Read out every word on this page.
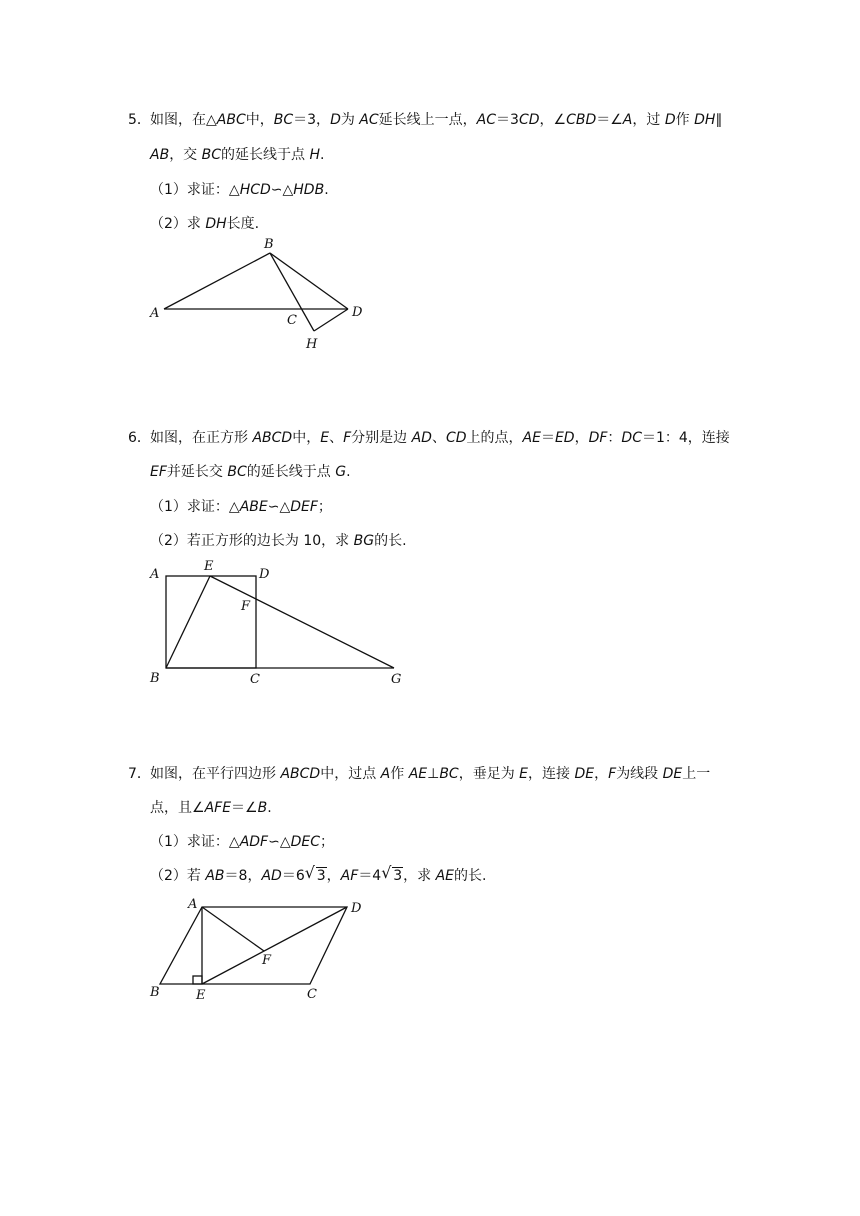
5． 如图，在△ABC中，BC＝3，D为 AC延长线上一点，AC＝3CD，∠CBD＝∠A，过 D作 DH∥
AB，交 BC的延长线于点 H.
（1）求证：△HCD∽△HDB.
（2）求 DH长度.
A
B
C
D
H
6． 如图，在正方形 ABCD中，E、F分别是边 AD、CD上的点，AE＝ED，DF：DC＝1：4，连接
EF并延长交 BC的延长线于点 G.
（1）求证：△ABE∽△DEF；
（2）若正方形的边长为 10，求 BG的长.
A
E
D
F
B	C	G
7． 如图，在平行四边形 ABCD中，过点 A作 AE⊥BC，垂足为 E，连接 DE，F为线段 DE上一
点，且∠AFE＝∠B.
（1）求证：△ADF∽△DEC；
（2）若 AB＝8，AD＝6 √ 3，AF＝4 √ 3，求 AE的长.
A	D
F
B	E	C
